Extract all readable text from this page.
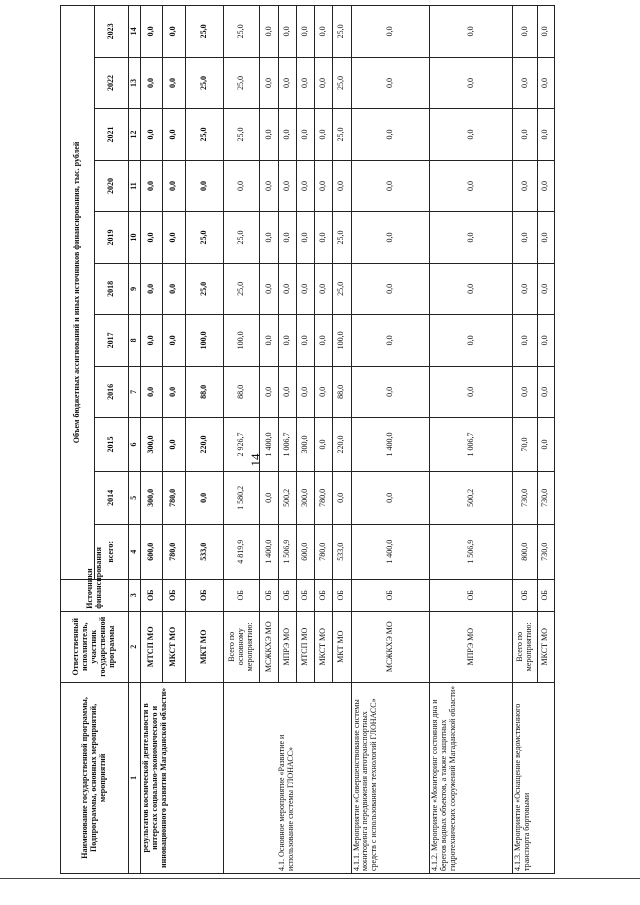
14
Наименование государственной программы, Подпрограммы, основных мероприятий, мероприятий	Ответственный исполнитель, участник государственной программы	Источники финансирования	Объем бюджетных ассигнований и иных источников финансирования, тыс. рублей										
			всего:	2014	2015	2016	2017	2018	2019	2020	2021	2022	2023
1	2	3	4	5	6	7	8	9	10	11	12	13	14
результатов космической деятельности в интересах социально-экономического и инновационного развития Магаданской области»	МТСП МО	ОБ	600,0	300,0	300,0	0,0	0,0	0,0	0,0	0,0	0,0	0,0	0,0
	МКСТ МО	ОБ	780,0	780,0	0,0	0,0	0,0	0,0	0,0	0,0	0,0	0,0	0,0
	МКТ МО	ОБ	533,0	0,0	220,0	88,0	100,0	25,0	25,0	0,0	25,0	25,0	25,0
4.1. Основное мероприятие «Развитие и использование системы ГЛОНАСС»	Всего по основному мероприятию:	ОБ	4 819,9	1 580,2	2 926,7	88,0	100,0	25,0	25,0	0,0	25,0	25,0	25,0
	МСЖКХЭ МО	ОБ	1 400,0	0,0	1 400,0	0,0	0,0	0,0	0,0	0,0	0,0	0,0	0,0
	МПРЭ МО	ОБ	1 506,9	500,2	1 006,7	0,0	0,0	0,0	0,0	0,0	0,0	0,0	0,0
	МТСП МО	ОБ	600,0	300,0	300,0	0,0	0,0	0,0	0,0	0,0	0,0	0,0	0,0
	МКСТ МО	ОБ	780,0	780,0	0,0	0,0	0,0	0,0	0,0	0,0	0,0	0,0	0,0
	МКТ МО	ОБ	533,0	0,0	220,0	88,0	100,0	25,0	25,0	0,0	25,0	25,0	25,0
4.1.1. Мероприятие «Совершенствование системы мониторинга передвижения автотранспортных средств с использованием технологий ГЛОНАСС»	МСЖКХЭ МО	ОБ	1 400,0	0,0	1 400,0	0,0	0,0	0,0	0,0	0,0	0,0	0,0	0,0
4.1.2. Мероприятие «Мониторинг состояния дна и берегов водных объектов, а также защитных гидротехнических сооружений Магаданской области»	МПРЭ МО	ОБ	1 506,9	500,2	1 006,7	0,0	0,0	0,0	0,0	0,0	0,0	0,0	0,0
4.1.3. Мероприятие «Оснащение ведомственного транспорта бортовыми	Всего по мероприятию:	ОБ	800,0	730,0	70,0	0,0	0,0	0,0	0,0	0,0	0,0	0,0	0,0
	МКСТ МО	ОБ	730,0	730,0	0,0	0,0	0,0	0,0	0,0	0,0	0,0	0,0	0,0
